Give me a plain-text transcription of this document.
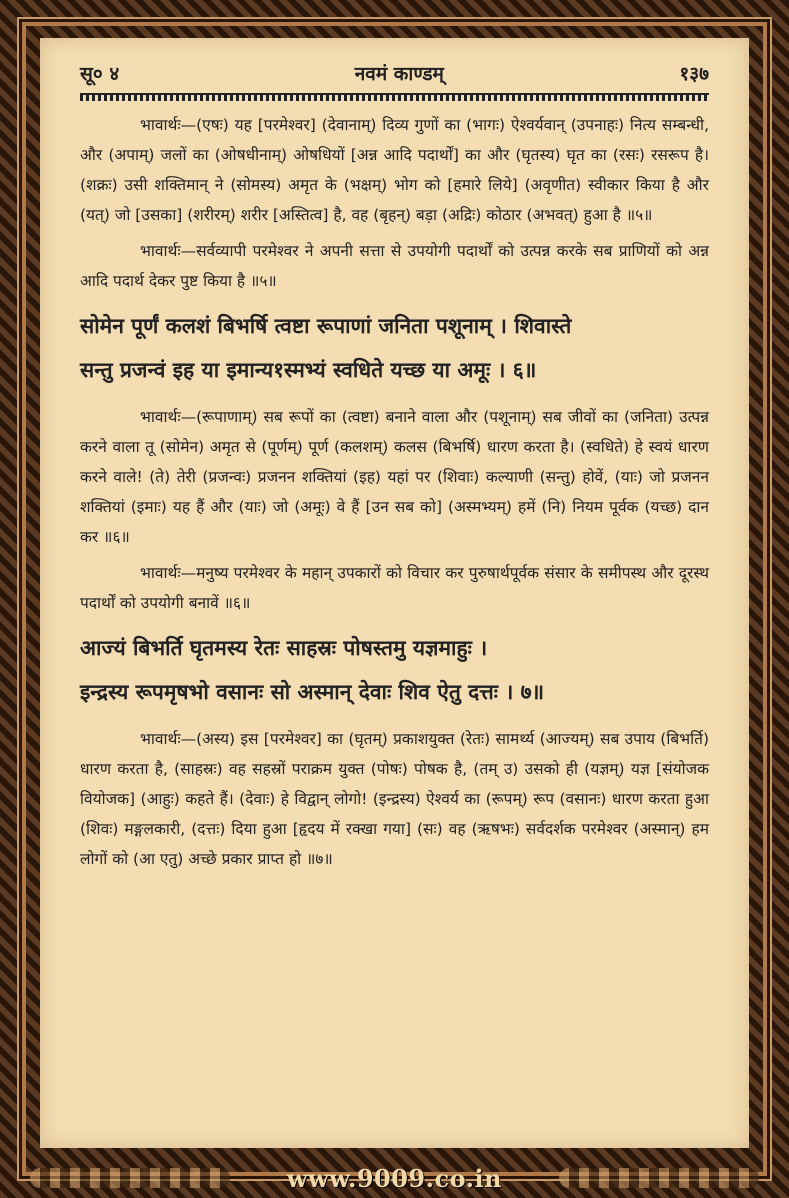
सू० ४	नवमं काण्डम्	१३७

भावार्थः—(एषः) यह [परमेश्वर] (देवानाम्) दिव्य गुणों का (भागः) ऐश्वर्यवान् (उपनाहः) नित्य सम्बन्धी, और (अपाम्) जलों का (ओषधीनाम्) ओषधियों [अन्न आदि पदार्थों] का और (घृतस्य) घृत का (रसः) रसरूप है। (शक्रः) उसी शक्तिमान् ने (सोमस्य) अमृत के (भक्षम्) भोग को [हमारे लिये] (अवृणीत) स्वीकार किया है और (यत्) जो [उसका] (शरीरम्) शरीर [अस्तित्व] है, वह (बृहन्) बड़ा (अद्रिः) कोठार (अभवत्) हुआ है ॥५॥

भावार्थः—सर्वव्यापी परमेश्वर ने अपनी सत्ता से उपयोगी पदार्थों को उत्पन्न करके सब प्राणियों को अन्न आदि पदार्थ देकर पुष्ट किया है ॥५॥

सोमेन पूर्णं कलशं बिभर्षि त्वष्टा रूपाणां जनिता पशूनाम् । शिवास्ते
सन्तु प्रजन्वं इह या इमान्य१स्मभ्यं स्वधिते यच्छ या अमूः । ६॥

भावार्थः—(रूपाणाम्) सब रूपों का (त्वष्टा) बनाने वाला और (पशूनाम्) सब जीवों का (जनिता) उत्पन्न करने वाला तू (सोमेन) अमृत से (पूर्णम्) पूर्ण (कलशम्) कलस (बिभर्षि) धारण करता है। (स्वधिते) हे स्वयं धारण करने वाले! (ते) तेरी (प्रजन्वः) प्रजनन शक्तियां (इह) यहां पर (शिवाः) कल्याणी (सन्तु) होवें, (याः) जो प्रजनन शक्तियां (इमाः) यह हैं और (याः) जो (अमूः) वे हैं [उन सब को] (अस्मभ्यम्) हमें (नि) नियम पूर्वक (यच्छ) दान कर ॥६॥

भावार्थः—मनुष्य परमेश्वर के महान् उपकारों को विचार कर पुरुषार्थपूर्वक संसार के समीपस्थ और दूरस्थ पदार्थों को उपयोगी बनावें ॥६॥

आज्यं बिभर्ति घृतमस्य रेतः साहस्रः पोषस्तमु यज्ञमाहुः ।
इन्द्रस्य रूपमृषभो वसानः सो अस्मान् देवाः शिव ऐतु दत्तः । ७॥

भावार्थः—(अस्य) इस [परमेश्वर] का (घृतम्) प्रकाशयुक्त (रेतः) सामर्थ्य (आज्यम्) सब उपाय (बिभर्ति) धारण करता है, (साहस्रः) वह सहस्रों पराक्रम युक्त (पोषः) पोषक है, (तम् उ) उसको ही (यज्ञम्) यज्ञ [संयोजक वियोजक] (आहुः) कहते हैं। (देवाः) हे विद्वान् लोगो! (इन्द्रस्य) ऐश्वर्य का (रूपम्) रूप (वसानः) धारण करता हुआ (शिवः) मङ्गलकारी, (दत्तः) दिया हुआ [हृदय में रक्खा गया] (सः) वह (ऋषभः) सर्वदर्शक परमेश्वर (अस्मान्) हम लोगों को (आ एतु) अच्छे प्रकार प्राप्त हो ॥७॥

www.9009.co.in
